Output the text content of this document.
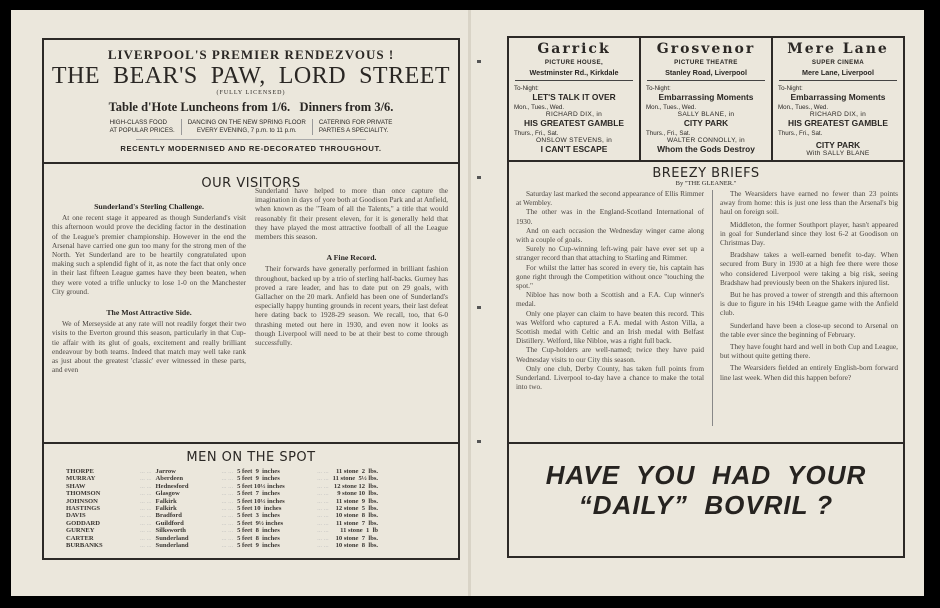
LIVERPOOL'S PREMIER RENDEZVOUS !
THE  BEAR'S  PAW,  LORD  STREET
(FULLY LICENSED)
Table d'Hote Luncheons from 1/6.   Dinners from 3/6.
HIGH-CLASS FOOD
AT POPULAR PRICES.
DANCING ON THE NEW SPRING FLOOR
EVERY EVENING, 7 p.m. to 11 p.m.
CATERING FOR PRIVATE
PARTIES A SPECIALITY.
RECENTLY MODERNISED AND RE-DECORATED THROUGHOUT.
OUR VISITORS
Sunderland's Sterling Challenge.

At one recent stage it appeared as though Sunderland's visit this afternoon would prove the deciding factor in the destination of the League's premier championship. However in the end the Arsenal have carried one gun too many for the strong men of the North. Yet Sunderland are to be heartily congratulated upon making such a splendid fight of it, as note the fact that only once in their last fifteen League games have they been beaten, when they were voted a trifle unlucky to lose 1-0 on the Manchester City ground.

The Most Attractive Side.

We of Merseyside at any rate will not readily forget their two visits to the Everton ground this season, particularly in that Cup-tie affair with its glut of goals, excitement and really brilliant endeavour by both teams. Indeed that match may well take rank as just about the greatest 'classic' ever witnessed in these parts, and even

Sunderland have helped to more than once capture the imagination in days of yore both at Goodison Park and at Anfield, when known as the "Team of all the Talents," a title that would reasonably fit their present eleven, for it is generally held that they have played the most attractive football of all the League members this season.

A Fine Record.

Their forwards have generally performed in brilliant fashion throughout, backed up by a trio of sterling half-backs. Gurney has proved a rare leader, and has to date put on 29 goals, with Gallacher on the 20 mark. Anfield has been one of Sunderland's especially happy hunting grounds in recent years, their last defeat here dating back to 1928-29 season. We recall, too, that 6-0 thrashing meted out here in 1930, and even now it looks as though Liverpool will need to be at their best to come through successfully.

MEN ON THE SPOT
THORPE	... ...	Jarrow	... ...	5 feet  9  inches	... ...	11 stone  2  lbs.
MURRAY	... ...	Aberdeen	... ...	5 feet  9  inches	... ...	11 stone  5½ lbs.
SHAW	... ...	Hednesford	... ...	5 feet 10½ inches	... ...	12 stone 12  lbs.
THOMSON	... ...	Glasgow	... ...	5 feet  7  inches	... ...	9 stone 10  lbs.
JOHNSON	... ...	Falkirk	... ...	5 feet 10½ inches	... ...	11 stone  9  lbs.
HASTINGS	... ...	Falkirk	... ...	5 feet 10  inches	... ...	12 stone  5  lbs.
DAVIS	... ...	Bradford	... ...	5 feet  3  inches	... ...	10 stone  8  lbs.
GODDARD	... ...	Guildford	... ...	5 feet  9½ inches	... ...	11 stone  7  lbs.
GURNEY	... ...	Silksworth	... ...	5 feet  8  inches	... ...	11 stone  1  lb
CARTER	... ...	Sunderland	... ...	5 feet  8  inches	... ...	10 stone  7  lbs.
BURBANKS	... ...	Sunderland	... ...	5 feet  9  inches	... ...	10 stone  8  lbs.
Garrick
PICTURE HOUSE,
Westminster Rd., Kirkdale
To-Night:
LET'S TALK IT OVER
Mon., Tues., Wed.
RICHARD DIX, in
HIS GREATEST GAMBLE
Thurs., Fri., Sat.
ONSLOW STEVENS, in
I CAN'T ESCAPE
Grosvenor
PICTURE THEATRE
Stanley Road, Liverpool
To-Night:
Embarrassing Moments
Mon., Tues., Wed.
SALLY BLANE, in
CITY PARK
Thurs., Fri., Sat.
WALTER CONNOLLY, in
Whom the Gods Destroy
Mere Lane
SUPER CINEMA
Mere Lane, Liverpool
To-Night:
Embarrassing Moments
Mon., Tues., Wed.
RICHARD DIX, in
HIS GREATEST GAMBLE
Thurs., Fri., Sat.
CITY PARK
With SALLY BLANE
BREEZY BRIEFS
By "THE GLEANER."

Saturday last marked the second appearance of Ellis Rimmer at Wembley.

The other was in the England-Scotland International of 1930.

And on each occasion the Wednesday winger came along with a couple of goals.

Surely no Cup-winning left-wing pair have ever set up a stranger record than that attaching to Starling and Rimmer.

For whilst the latter has scored in every tie, his captain has gone right through the Competition without once "touching the spot."

Nibloe has now both a Scottish and a F.A. Cup winner's medal.

Only one player can claim to have beaten this record. This was Welford who captured a F.A. medal with Aston Villa, a Scottish medal with Celtic and an Irish medal with Belfast Distillery. Welford, like Nibloe, was a right full back.

The Cup-holders are well-named; twice they have paid Wednesday visits to our City this season.

Only one club, Derby County, has taken full points from Sunderland. Liverpool to-day have a chance to make the total into two.

The Wearsiders have earned no fewer than 23 points away from home: this is just one less than the Arsenal's big haul on foreign soil.

Middleton, the former Southport player, hasn't appeared in goal for Sunderland since they lost 6-2 at Goodison on Christmas Day.

Bradshaw takes a well-earned benefit to-day. When secured from Bury in 1930 at a high fee there were those who considered Liverpool were taking a big risk, seeing Bradshaw had previously been on the Shakers injured list.

But he has proved a tower of strength and this afternoon is due to figure in his 194th League game with the Anfield club.

Sunderland have been a close-up second to Arsenal on the table ever since the beginning of February.

They have fought hard and well in both Cup and League, but without quite getting there.

The Wearsiders fielded an entirely English-born forward line last week. When did this happen before?

HAVE  YOU  HAD  YOUR
“DAILY”  BOVRIL ?
